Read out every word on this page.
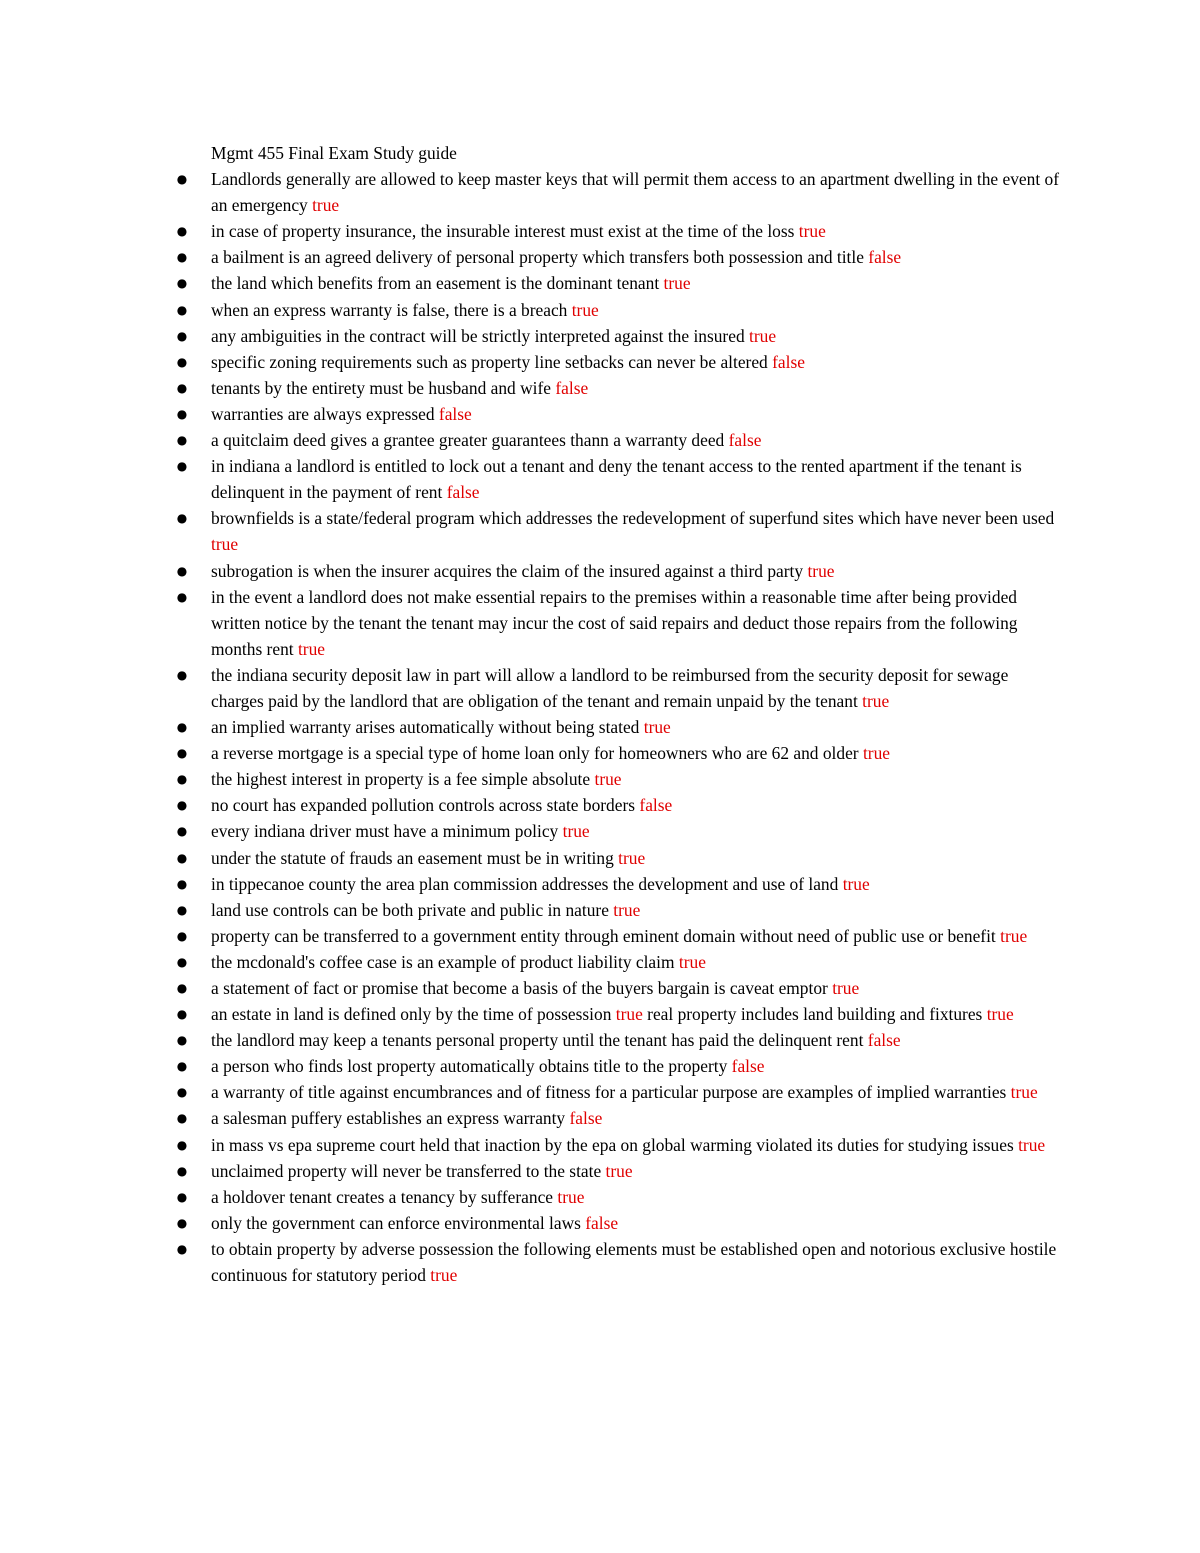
Mgmt 455 Final Exam Study guide
● Landlords generally are allowed to keep master keys that will permit them access to an apartment dwelling in the event of an emergency true
● in case of property insurance, the insurable interest must exist at the time of the loss true
● a bailment is an agreed delivery of personal property which transfers both possession and title false
● the land which benefits from an easement is the dominant tenant true
● when an express warranty is false, there is a breach true
● any ambiguities in the contract will be strictly interpreted against the insured true
● specific zoning requirements such as property line setbacks can never be altered false
● tenants by the entirety must be husband and wife false
● warranties are always expressed false
● a quitclaim deed gives a grantee greater guarantees thann a warranty deed false
● in indiana a landlord is entitled to lock out a tenant and deny the tenant access to the rented apartment if the tenant is delinquent in the payment of rent false
● brownfields is a state/federal program which addresses the redevelopment of superfund sites which have never been used true
● subrogation is when the insurer acquires the claim of the insured against a third party true
● in the event a landlord does not make essential repairs to the premises within a reasonable time after being provided written notice by the tenant the tenant may incur the cost of said repairs and deduct those repairs from the following months rent true
● the indiana security deposit law in part will allow a landlord to be reimbursed from the security deposit for sewage charges paid by the landlord that are obligation of the tenant and remain unpaid by the tenant true
● an implied warranty arises automatically without being stated true
● a reverse mortgage is a special type of home loan only for homeowners who are 62 and older true
● the highest interest in property is a fee simple absolute true
● no court has expanded pollution controls across state borders false
● every indiana driver must have a minimum policy true
● under the statute of frauds an easement must be in writing true
● in tippecanoe county the area plan commission addresses the development and use of land true
● land use controls can be both private and public in nature true
● property can be transferred to a government entity through eminent domain without need of public use or benefit true
● the mcdonald's coffee case is an example of product liability claim true
● a statement of fact or promise that become a basis of the buyers bargain is caveat emptor true
● an estate in land is defined only by the time of possession true real property includes land building and fixtures true
● the landlord may keep a tenants personal property until the tenant has paid the delinquent rent false
● a person who finds lost property automatically obtains title to the property false
● a warranty of title against encumbrances and of fitness for a particular purpose are examples of implied warranties true
● a salesman puffery establishes an express warranty false
● in mass vs epa supreme court held that inaction by the epa on global warming violated its duties for studying issues true
● unclaimed property will never be transferred to the state true
● a holdover tenant creates a tenancy by sufferance true
● only the government can enforce environmental laws false
● to obtain property by adverse possession the following elements must be established open and notorious exclusive hostile continuous for statutory period true
